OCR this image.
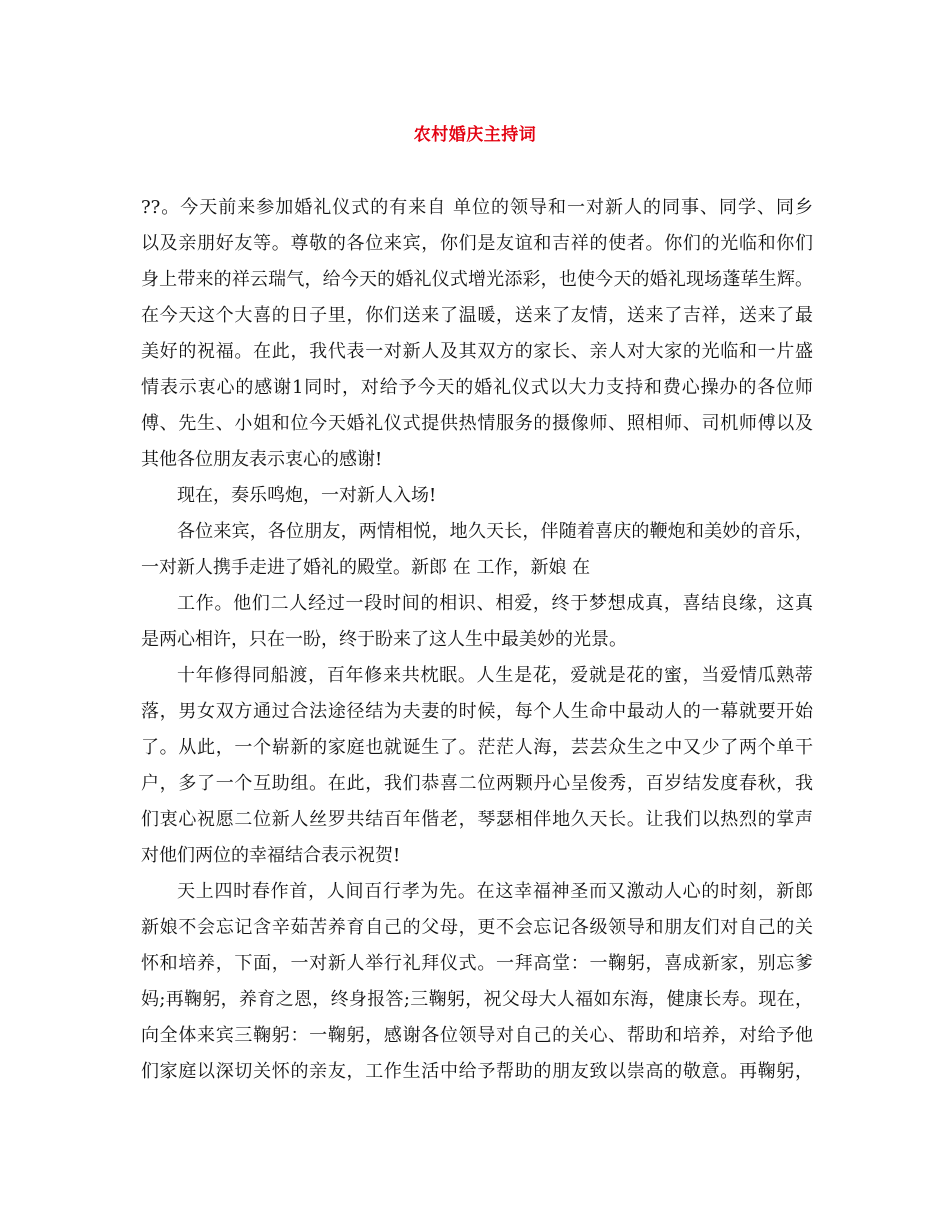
农村婚庆主持词
??。今天前来参加婚礼仪式的有来自 单位的领导和一对新人的同事、同学、同乡
以及亲朋好友等。尊敬的各位来宾，你们是友谊和吉祥的使者。你们的光临和你们
身上带来的祥云瑞气，给今天的婚礼仪式增光添彩，也使今天的婚礼现场蓬荜生辉。
在今天这个大喜的日子里，你们送来了温暖，送来了友情，送来了吉祥，送来了最
美好的祝福。在此，我代表一对新人及其双方的家长、亲人对大家的光临和一片盛
情表示衷心的感谢1同时，对给予今天的婚礼仪式以大力支持和费心操办的各位师
傅、先生、小姐和位今天婚礼仪式提供热情服务的摄像师、照相师、司机师傅以及
其他各位朋友表示衷心的感谢!
现在，奏乐鸣炮，一对新人入场!
各位来宾，各位朋友，两情相悦，地久天长，伴随着喜庆的鞭炮和美妙的音乐，
一对新人携手走进了婚礼的殿堂。新郎 在 工作，新娘 在
工作。他们二人经过一段时间的相识、相爱，终于梦想成真，喜结良缘，这真
是两心相许，只在一盼，终于盼来了这人生中最美妙的光景。
十年修得同船渡，百年修来共枕眠。人生是花，爱就是花的蜜，当爱情瓜熟蒂
落，男女双方通过合法途径结为夫妻的时候，每个人生命中最动人的一幕就要开始
了。从此，一个崭新的家庭也就诞生了。茫茫人海，芸芸众生之中又少了两个单干
户，多了一个互助组。在此，我们恭喜二位两颗丹心呈俊秀，百岁结发度春秋，我
们衷心祝愿二位新人丝罗共结百年偕老，琴瑟相伴地久天长。让我们以热烈的掌声
对他们两位的幸福结合表示祝贺!
天上四时春作首，人间百行孝为先。在这幸福神圣而又激动人心的时刻，新郎
新娘不会忘记含辛茹苦养育自己的父母，更不会忘记各级领导和朋友们对自己的关
怀和培养，下面，一对新人举行礼拜仪式。一拜高堂：一鞠躬，喜成新家，别忘爹
妈;再鞠躬，养育之恩，终身报答;三鞠躬，祝父母大人福如东海，健康长寿。现在，
向全体来宾三鞠躬：一鞠躬，感谢各位领导对自己的关心、帮助和培养，对给予他
们家庭以深切关怀的亲友，工作生活中给予帮助的朋友致以崇高的敬意。再鞠躬，
